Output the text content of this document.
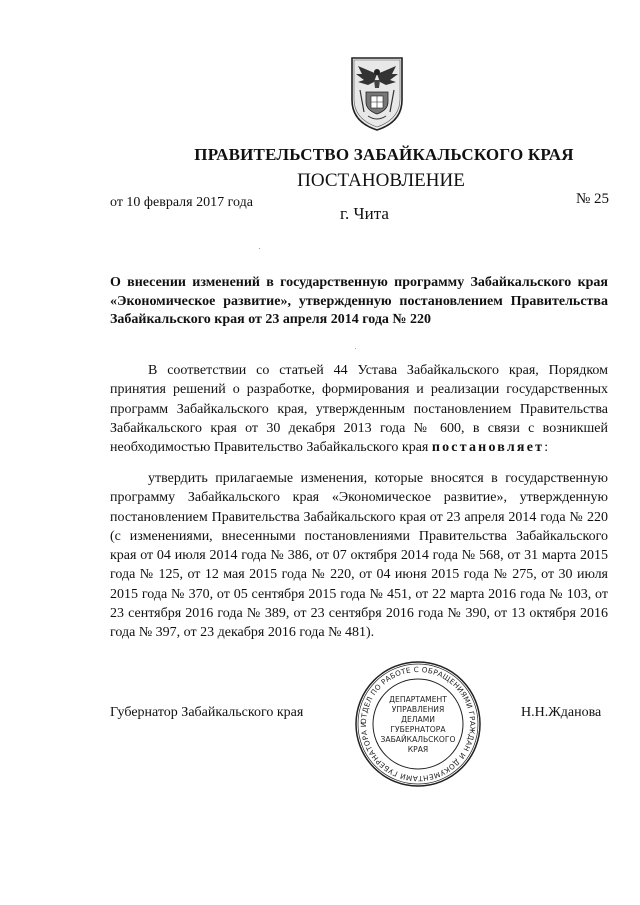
ПРАВИТЕЛЬСТВО ЗАБАЙКАЛЬСКОГО КРАЯ
ПОСТАНОВЛЕНИЕ
от 10 февраля 2017 года	№ 25
г. Чита
О внесении изменений в государственную программу Забайкальского края «Экономическое развитие», утвержденную постановлением Правительства Забайкальского края от 23 апреля 2014 года № 220
В соответствии со статьей 44 Устава Забайкальского края, Порядком принятия решений о разработке, формирования и реализации государственных программ Забайкальского края, утвержденным постановлением Правительства Забайкальского края от 30 декабря 2013 года № 600, в связи с возникшей необходимостью Правительство Забайкальского края постановляет:
утвердить прилагаемые изменения, которые вносятся в государственную программу Забайкальского края «Экономическое развитие», утвержденную постановлением Правительства Забайкальского края от 23 апреля 2014 года № 220 (с изменениями, внесенными постановлениями Правительства Забайкальского края от 04 июля 2014 года № 386, от 07 октября 2014 года № 568, от 31 марта 2015 года № 125, от 12 мая 2015 года № 220, от 04 июня 2015 года № 275, от 30 июля 2015 года № 370, от 05 сентября 2015 года № 451, от 22 марта 2016 года № 103, от 23 сентября 2016 года № 389, от 23 сентября 2016 года № 390, от 13 октября 2016 года № 397, от 23 декабря 2016 года № 481).
Губернатор Забайкальского края	Н.Н.Жданова
ОТДЕЛ ПО РАБОТЕ С ОБРАЩЕНИЯМИ ГРАЖДАН И ДОКУМЕНТАМИ ГУБЕРНАТОРА И
ДЕПАРТАМЕНТ
УПРАВЛЕНИЯ
ДЕЛАМИ
ГУБЕРНАТОРА
ЗАБАЙКАЛЬСКОГО
КРАЯ
